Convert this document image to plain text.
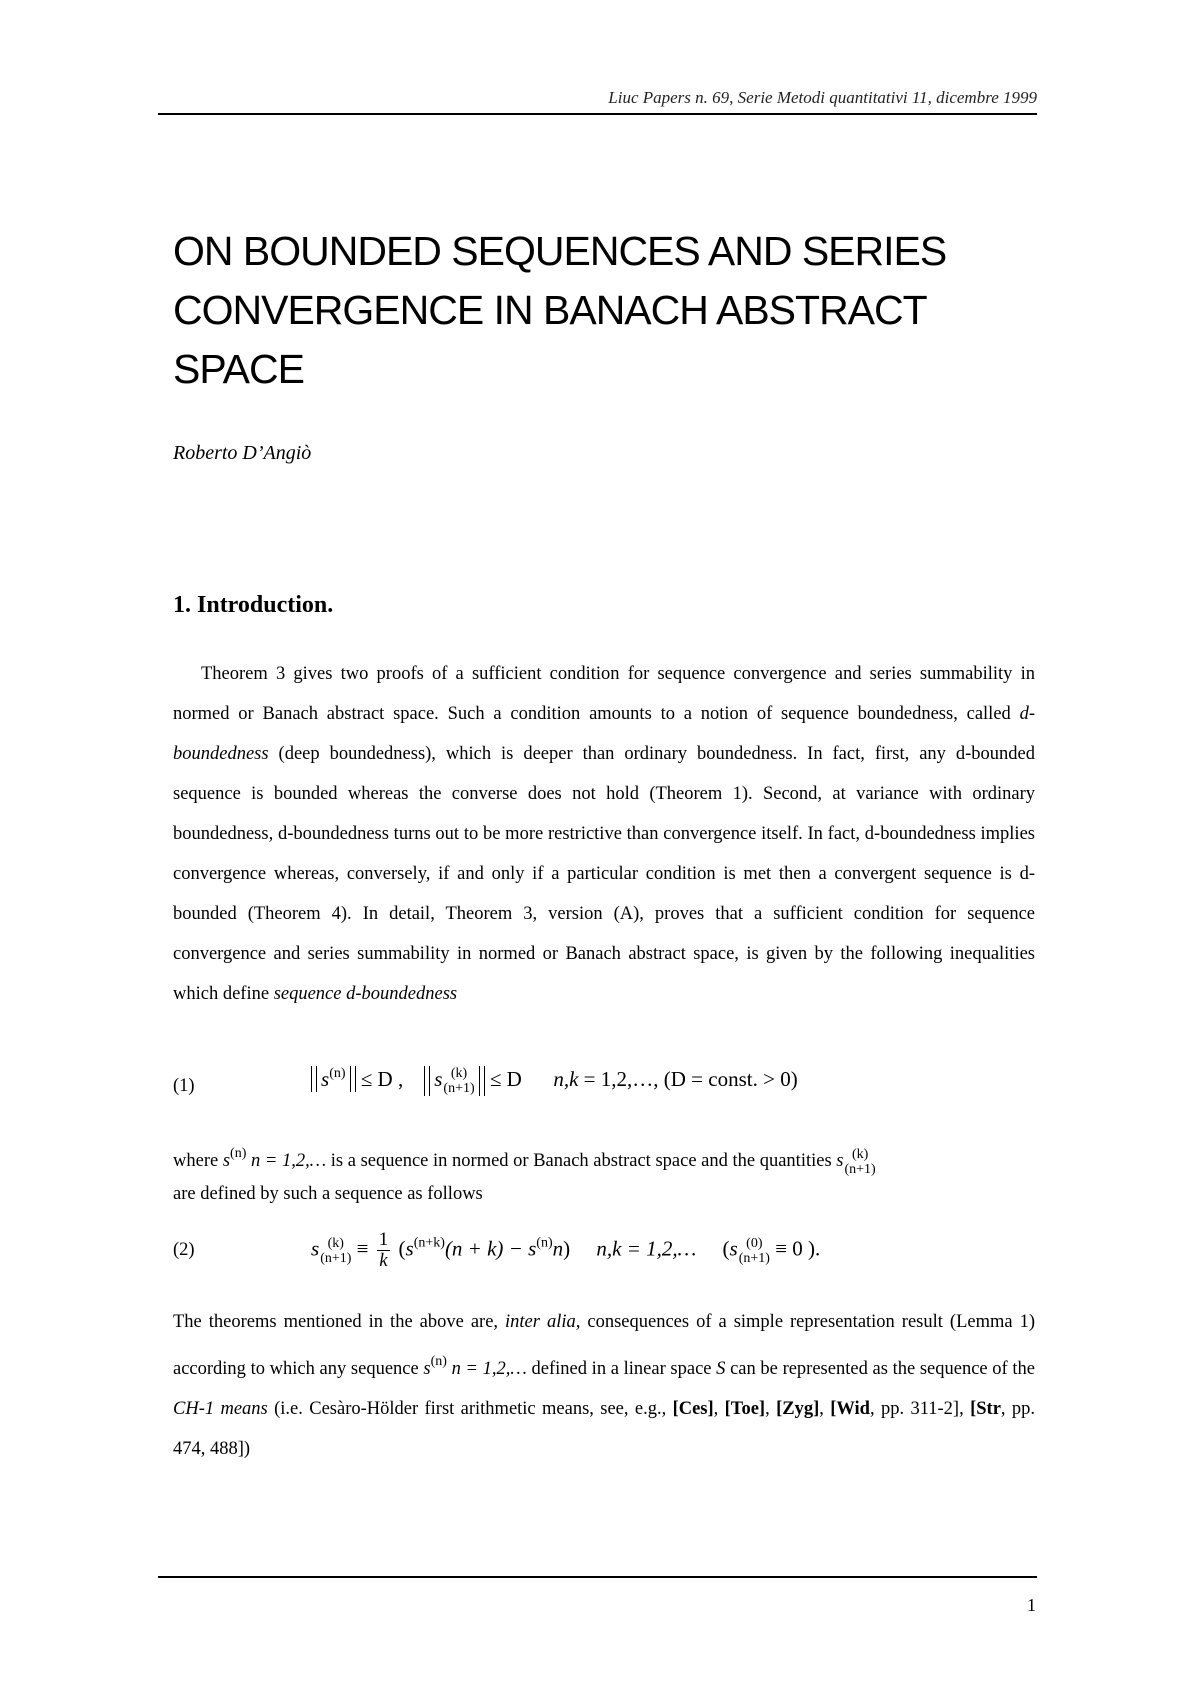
Liuc Papers n. 69, Serie Metodi quantitativi 11, dicembre 1999
ON BOUNDED SEQUENCES AND SERIES
CONVERGENCE IN BANACH ABSTRACT
SPACE
Roberto D’Angiò
1. Introduction.

Theorem 3 gives two proofs of a sufficient condition for sequence convergence and series summability in normed or Banach abstract space. Such a condition amounts to a notion of sequence boundedness, called d-boundedness (deep boundedness), which is deeper than ordinary boundedness. In fact, first, any d-bounded sequence is bounded whereas the converse does not hold (Theorem 1). Second, at variance with ordinary boundedness, d-boundedness turns out to be more restrictive than convergence itself. In fact, d-boundedness implies convergence whereas, conversely, if and only if a particular condition is met then a convergent sequence is d-bounded (Theorem 4). In detail, Theorem 3, version (A), proves that a sufficient condition for sequence convergence and series summability in normed or Banach abstract space, is given by the following inequalities which define sequence d-boundedness

(1)	$s^{(n)} \le D$ , s (k)
(n+1) ≤ D n,k = 1,2,…, (D = const. > 0)
where $s^{(n)}$ n = 1,2,… is a sequence in normed or Banach abstract space and the quantities s (k)
(n+1)
are defined by such a sequence as follows
(2)	s (k)
$(n+1) \equiv \frac{1}{k} (s^{(n+k)}(n + k) - s^{(n)}n) n,k$ = 1,2,… (s (0)
(n+1) ≡ 0 ).

The theorems mentioned in the above are, inter alia, consequences of a simple representation result (Lemma 1) according to which any sequence $s^{(n)}$ n = 1,2,… defined in a linear space S can be represented as the sequence of the CH-1 means (i.e. Cesàro-Hölder first arithmetic means, see, e.g., [Ces], [Toe], [Zyg], [Wid, pp. 311-2], [Str, pp. 474, 488])

1
